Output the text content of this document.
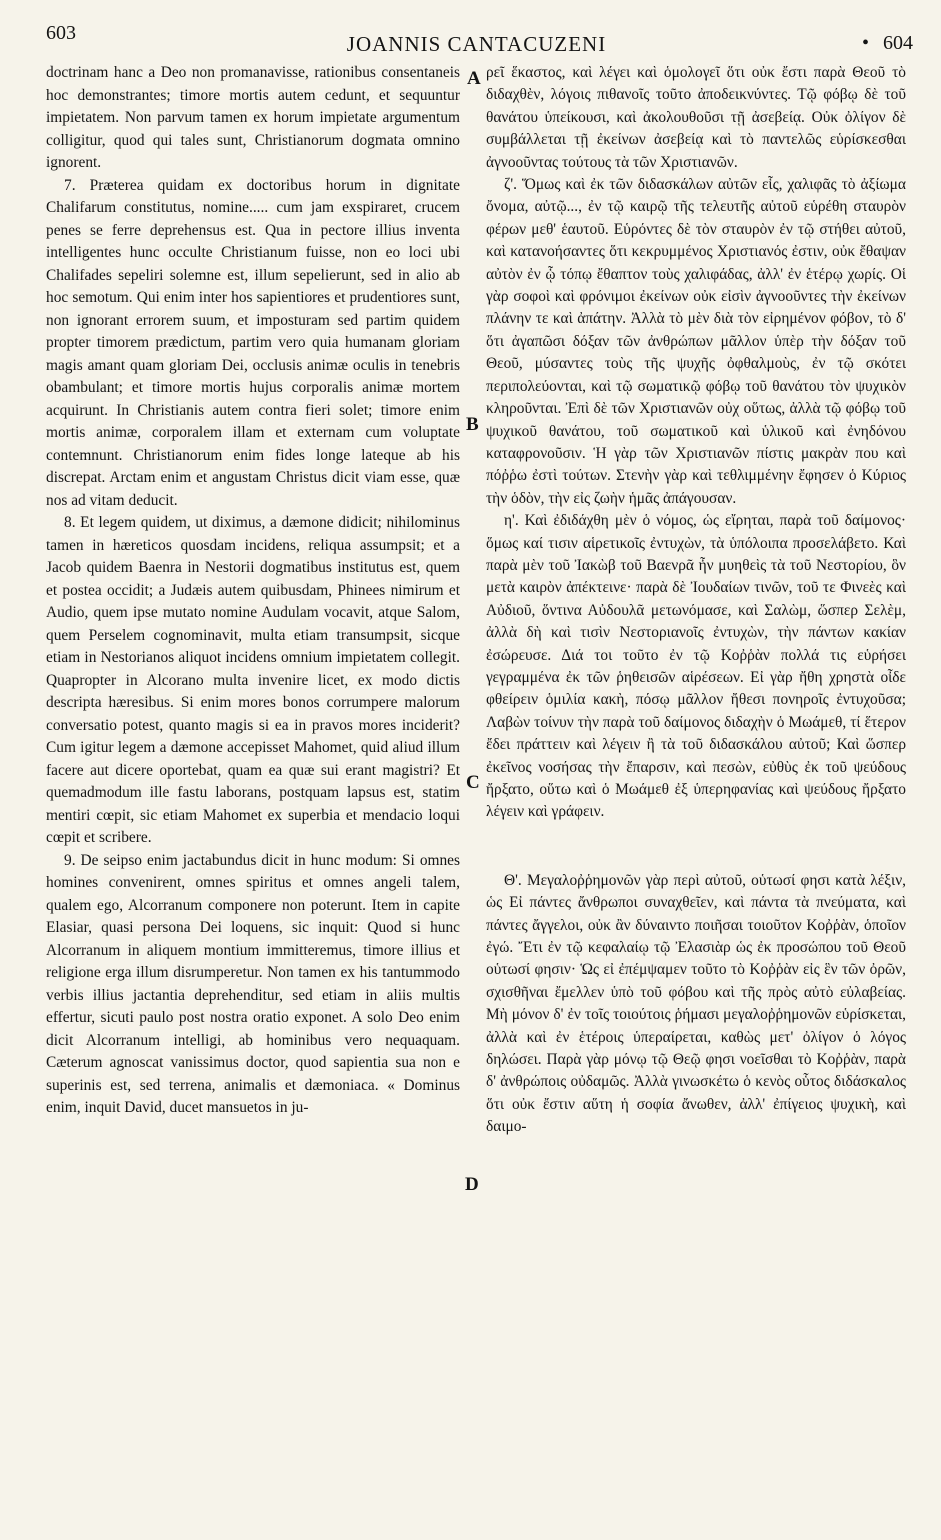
603	JOANNIS CANTACUZENI	• 604
A
B
C
D

doctrinam hanc a Deo non promanavisse, rationibus consentaneis hoc demonstrantes; timore mortis autem cedunt, et sequuntur impietatem. Non parvum tamen ex horum impietate argumentum colligitur, quod qui tales sunt, Christianorum dogmata omnino ignorent.

7. Præterea quidam ex doctoribus horum in dignitate Chalifarum constitutus, nomine..... cum jam exspiraret, crucem penes se ferre deprehensus est. Qua in pectore illius inventa intelligentes hunc occulte Christianum fuisse, non eo loci ubi Chalifades sepeliri solemne est, illum sepelierunt, sed in alio ab hoc semotum. Qui enim inter hos sapientiores et prudentiores sunt, non ignorant errorem suum, et imposturam sed partim quidem propter timorem prædictum, partim vero quia humanam gloriam magis amant quam gloriam Dei, occlusis animæ oculis in tenebris obambulant; et timore mortis hujus corporalis animæ mortem acquirunt. In Christianis autem contra fieri solet; timore enim mortis animæ, corporalem illam et externam cum voluptate contemnunt. Christianorum enim fides longe lateque ab his discrepat. Arctam enim et angustam Christus dicit viam esse, quæ nos ad vitam deducit.

8. Et legem quidem, ut diximus, a dæmone didicit; nihilominus tamen in hæreticos quosdam incidens, reliqua assumpsit; et a Jacob quidem Baenra in Nestorii dogmatibus institutus est, quem et postea occidit; a Judæis autem quibusdam, Phinees nimirum et Audio, quem ipse mutato nomine Audulam vocavit, atque Salom, quem Perselem cognominavit, multa etiam transumpsit, sicque etiam in Nestorianos aliquot incidens omnium impietatem collegit. Quapropter in Alcorano multa invenire licet, ex modo dictis descripta hæresibus. Si enim mores bonos corrumpere malorum conversatio potest, quanto magis si ea in pravos mores inciderit? Cum igitur legem a dæmone accepisset Mahomet, quid aliud illum facere aut dicere oportebat, quam ea quæ sui erant magistri? Et quemadmodum ille fastu laborans, postquam lapsus est, statim mentiri cœpit, sic etiam Mahomet ex superbia et mendacio loqui cœpit et scribere.

9. De seipso enim jactabundus dicit in hunc modum: Si omnes homines convenirent, omnes spiritus et omnes angeli talem, qualem ego, Alcorranum componere non poterunt. Item in capite Elasiar, quasi persona Dei loquens, sic inquit: Quod si hunc Alcorranum in aliquem montium immitteremus, timore illius et religione erga illum disrumperetur. Non tamen ex his tantummodo verbis illius jactantia deprehenditur, sed etiam in aliis multis effertur, sicuti paulo post nostra oratio exponet. A solo Deo enim dicit Alcorranum intelligi, ab hominibus vero nequaquam. Cæterum agnoscat vanissimus doctor, quod sapientia sua non e superinis est, sed terrena, animalis et dæmoniaca. « Dominus enim, inquit David, ducet mansuetos in ju-

ρεῖ ἕκαστος, καὶ λέγει καὶ ὁμολογεῖ ὅτι οὐκ ἔστι παρὰ Θεοῦ τὸ διδαχθὲν, λόγοις πιθανοῖς τοῦτο ἀποδεικνύντες. Τῷ φόβῳ δὲ τοῦ θανάτου ὑπείκουσι, καὶ ἀκολουθοῦσι τῇ ἀσεβείᾳ. Οὐκ ὀλίγον δὲ συμβάλλεται τῇ ἐκείνων ἀσεβείᾳ καὶ τὸ παντελῶς εὑρίσκεσθαι ἀγνοοῦντας τούτους τὰ τῶν Χριστιανῶν.

ζ'. Ὅμως καὶ ἐκ τῶν διδασκάλων αὐτῶν εἷς, χαλιφᾶς τὸ ἀξίωμα ὄνομα, αὐτῷ..., ἐν τῷ καιρῷ τῆς τελευτῆς αὐτοῦ εὑρέθη σταυρὸν φέρων μεθ' ἑαυτοῦ. Εὑρόντες δὲ τὸν σταυρὸν ἐν τῷ στήθει αὐτοῦ, καὶ κατανοήσαντες ὅτι κεκρυμμένος Χριστιανός ἐστιν, οὐκ ἔθαψαν αὐτὸν ἐν ᾧ τόπῳ ἔθαπτον τοὺς χαλιφάδας, ἀλλ' ἐν ἑτέρῳ χωρίς. Οἱ γὰρ σοφοὶ καὶ φρόνιμοι ἐκείνων οὐκ εἰσὶν ἀγνοοῦντες τὴν ἐκείνων πλάνην τε καὶ ἀπάτην. Ἀλλὰ τὸ μὲν διὰ τὸν εἰρημένον φόβον, τὸ δ' ὅτι ἀγαπῶσι δόξαν τῶν ἀνθρώπων μᾶλλον ὑπὲρ τὴν δόξαν τοῦ Θεοῦ, μύσαντες τοὺς τῆς ψυχῆς ὀφθαλμοὺς, ἐν τῷ σκότει περιπολεύονται, καὶ τῷ σωματικῷ φόβῳ τοῦ θανάτου τὸν ψυχικὸν κληροῦνται. Ἐπὶ δὲ τῶν Χριστιανῶν οὐχ οὕτως, ἀλλὰ τῷ φόβῳ τοῦ ψυχικοῦ θανάτου, τοῦ σωματικοῦ καὶ ὑλικοῦ καὶ ἐνηδόνου καταφρονοῦσιν. Ἡ γὰρ τῶν Χριστιανῶν πίστις μακρὰν που καὶ πόῤῥω ἐστὶ τούτων. Στενὴν γὰρ καὶ τεθλιμμένην ἔφησεν ὁ Κύριος τὴν ὁδὸν, τὴν εἰς ζωὴν ἡμᾶς ἀπάγουσαν.

η'. Καὶ ἐδιδάχθη μὲν ὁ νόμος, ὡς εἴρηται, παρὰ τοῦ δαίμονος· ὅμως καί τισιν αἱρετικοῖς ἐντυχὼν, τὰ ὑπόλοιπα προσελάβετο. Καὶ παρὰ μὲν τοῦ Ἰακὼβ τοῦ Βαενρᾶ ἦν μυηθεὶς τὰ τοῦ Νεστορίου, ὃν μετὰ καιρὸν ἀπέκτεινε· παρὰ δὲ Ἰουδαίων τινῶν, τοῦ τε Φινεὲς καὶ Αὐδιοῦ, ὅντινα Αὐδουλᾶ μετωνόμασε, καὶ Σαλὼμ, ὥσπερ Σελὲμ, ἀλλὰ δὴ καὶ τισὶν Νεστοριανοῖς ἐντυχὼν, τὴν πάντων κακίαν ἐσώρευσε. Διά τοι τοῦτο ἐν τῷ Κοῤῥὰν πολλά τις εὑρήσει γεγραμμένα ἐκ τῶν ῥηθεισῶν αἱρέσεων. Εἰ γὰρ ἤθη χρηστὰ οἶδε φθείρειν ὁμιλία κακὴ, πόσῳ μᾶλλον ἤθεσι πονηροῖς ἐντυχοῦσα; Λαβὼν τοίνυν τὴν παρὰ τοῦ δαίμονος διδαχὴν ὁ Μωάμεθ, τί ἕτερον ἔδει πράττειν καὶ λέγειν ἢ τὰ τοῦ διδασκάλου αὐτοῦ; Καὶ ὥσπερ ἐκεῖνος νοσήσας τὴν ἔπαρσιν, καὶ πεσὼν, εὐθὺς ἐκ τοῦ ψεύδους ἤρξατο, οὕτω καὶ ὁ Μωάμεθ ἐξ ὑπερηφανίας καὶ ψεύδους ἤρξατο λέγειν καὶ γράφειν.

Θ'. Μεγαλοῤῥημονῶν γὰρ περὶ αὐτοῦ, οὑτωσί φησι κατὰ λέξιν, ὡς Εἰ πάντες ἄνθρωποι συναχθεῖεν, καὶ πάντα τὰ πνεύματα, καὶ πάντες ἄγγελοι, οὐκ ἂν δύναιντο ποιῆσαι τοιοῦτον Κοῤῥὰν, ὁποῖον ἐγώ. Ἔτι ἐν τῷ κεφαλαίῳ τῷ Ἐλασιὰρ ὡς ἐκ προσώπου τοῦ Θεοῦ οὑτωσί φησιν· Ὡς εἰ ἐπέμψαμεν τοῦτο τὸ Κοῤῥὰν εἰς ἓν τῶν ὀρῶν, σχισθῆναι ἔμελλεν ὑπὸ τοῦ φόβου καὶ τῆς πρὸς αὐτὸ εὐλαβείας. Μὴ μόνον δ' ἐν τοῖς τοιούτοις ῥήμασι μεγαλοῤῥημονῶν εὑρίσκεται, ἀλλὰ καὶ ἐν ἑτέροις ὑπεραίρεται, καθὼς μετ' ὀλίγον ὁ λόγος δηλώσει. Παρὰ γὰρ μόνῳ τῷ Θεῷ φησι νοεῖσθαι τὸ Κοῤῥὰν, παρὰ δ' ἀνθρώποις οὐδαμῶς. Ἀλλὰ γινωσκέτω ὁ κενὸς οὗτος διδάσκαλος ὅτι οὐκ ἔστιν αὕτη ἡ σοφία ἄνωθεν, ἀλλ' ἐπίγειος ψυχικὴ, καὶ δαιμο-
